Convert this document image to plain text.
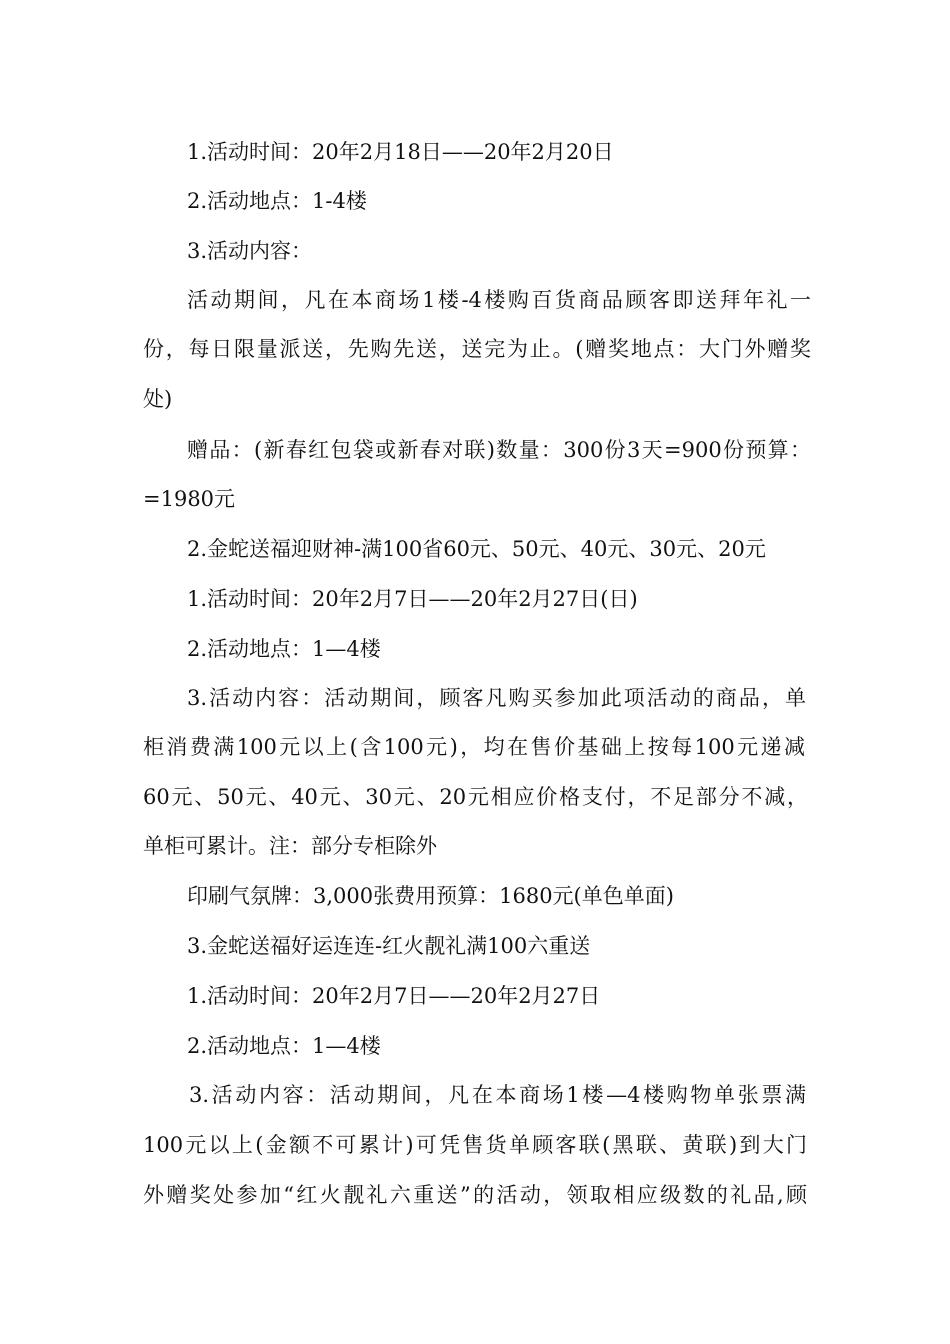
1.活动时间：20年2月18日——20年2月20日
2.活动地点：1-4楼
3.活动内容：
活动期间，凡在本商场1楼-4楼购百货商品顾客即送拜年礼一
份，每日限量派送，先购先送，送完为止。(赠奖地点：大门外赠奖
处)
赠品：(新春红包袋或新春对联)数量：300份3天=900份预算：
=1980元
2.金蛇送福迎财神-满100省60元、50元、40元、30元、20元
1.活动时间：20年2月7日——20年2月27日(日)
2.活动地点：1—4楼
3.活动内容：活动期间，顾客凡购买参加此项活动的商品，单
柜消费满100元以上(含100元)，均在售价基础上按每100元递减
60元、50元、40元、30元、20元相应价格支付，不足部分不减，
单柜可累计。注：部分专柜除外
印刷气氛牌：3,000张费用预算：1680元(单色单面)
3.金蛇送福好运连连-红火靓礼满100六重送
1.活动时间：20年2月7日——20年2月27日
2.活动地点：1—4楼
3.活动内容：活动期间，凡在本商场1楼—4楼购物单张票满
100元以上(金额不可累计)可凭售货单顾客联(黑联、黄联)到大门
外赠奖处参加“红火靓礼六重送”的活动，领取相应级数的礼品,顾
